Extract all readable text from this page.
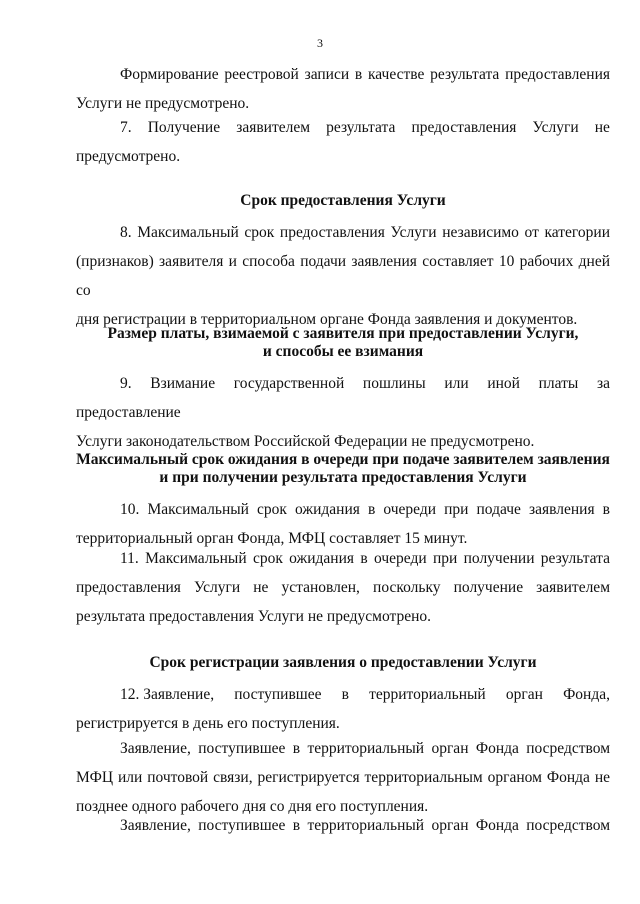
3

Формирование реестровой записи в качестве результата предоставления

Услуги не предусмотрено.

7. Получение заявителем результата предоставления Услуги не

предусмотрено.

Срок предоставления Услуги

8. Максимальный срок предоставления Услуги независимо от категории

(признаков) заявителя и способа подачи заявления составляет 10 рабочих дней со

дня регистрации в территориальном органе Фонда заявления и документов.

Размер платы, взимаемой с заявителя при предоставлении Услуги,
и способы ее взимания

9. Взимание государственной пошлины или иной платы за предоставление

Услуги законодательством Российской Федерации не предусмотрено.

Максимальный срок ожидания в очереди при подаче заявителем заявления
и при получении результата предоставления Услуги

10. Максимальный срок ожидания в очереди при подаче заявления в

территориальный орган Фонда, МФЦ составляет 15 минут.

11. Максимальный срок ожидания в очереди при получении результата

предоставления Услуги не установлен, поскольку получение заявителем

результата предоставления Услуги не предусмотрено.

Срок регистрации заявления о предоставлении Услуги
12. Заявление, поступившее в территориальный орган Фонда,

регистрируется в день его поступления.

Заявление, поступившее в территориальный орган Фонда посредством

МФЦ или почтовой связи, регистрируется территориальным органом Фонда не

позднее одного рабочего дня со дня его поступления.

Заявление, поступившее в территориальный орган Фонда посредством
